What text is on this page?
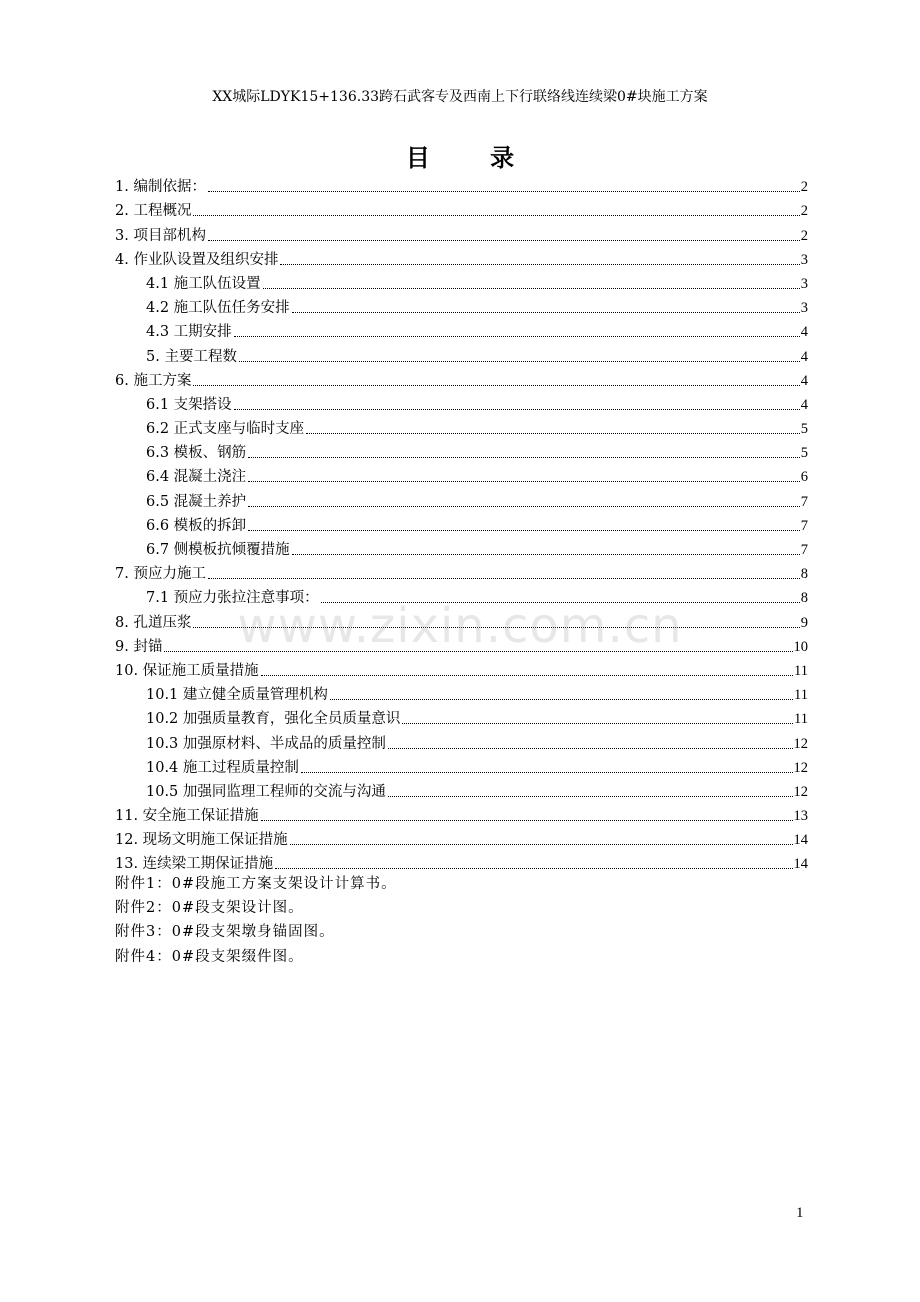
XX城际LDYK15+136.33跨石武客专及西南上下行联络线连续梁0#块施工方案
目 录
1. 编制依据：	2
2. 工程概况	2
3. 项目部机构	2
4. 作业队设置及组织安排	3
4.1 施工队伍设置	3
4.2 施工队伍任务安排	3
4.3 工期安排	4
5. 主要工程数	4
6. 施工方案	4
6.1 支架搭设	4
6.2 正式支座与临时支座	5
6.3 模板、钢筋	5
6.4 混凝土浇注	6
6.5 混凝土养护	7
6.6 模板的拆卸	7
6.7 侧模板抗倾覆措施	7
7. 预应力施工	8
7.1 预应力张拉注意事项：	8
8. 孔道压浆	9
9. 封锚	10
10. 保证施工质量措施	11
10.1 建立健全质量管理机构	11
10.2 加强质量教育，强化全员质量意识	11
10.3 加强原材料、半成品的质量控制	12
10.4 施工过程质量控制	12
10.5 加强同监理工程师的交流与沟通	12
11. 安全施工保证措施	13
12. 现场文明施工保证措施	14
13. 连续梁工期保证措施	14
附件1：0#段施工方案支架设计计算书。
附件2：0#段支架设计图。
附件3：0#段支架墩身锚固图。
附件4：0#段支架缀件图。
www.zixin.com.cn
1
